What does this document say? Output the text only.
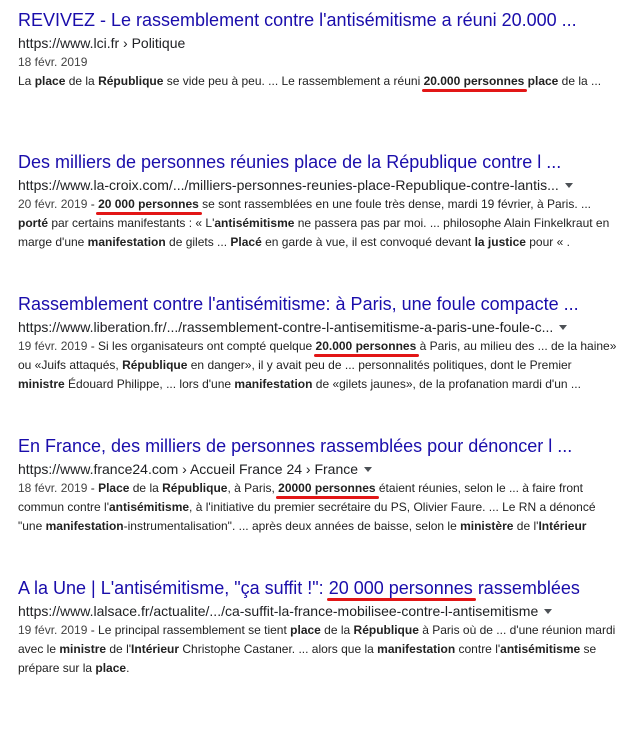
REVIVEZ - Le rassemblement contre l'antisémitisme a réuni 20.000 ...
https://www.lci.fr › Politique
18 févr. 2019
La place de la République se vide peu à peu. ... Le rassemblement a réuni 20.000 personnes place de la ...
Des milliers de personnes réunies place de la République contre l ...
https://www.la-croix.com/.../milliers-personnes-reunies-place-Republique-contre-lantis...
20 févr. 2019 - 20 000 personnes se sont rassemblées en une foule très dense, mardi 19 février, à Paris. ... porté par certains manifestants : « L'antisémitisme ne passera pas par moi. ... philosophe Alain Finkelkraut en marge d'une manifestation de gilets ... Placé en garde à vue, il est convoqué devant la justice pour « .
Rassemblement contre l'antisémitisme: à Paris, une foule compacte ...
https://www.liberation.fr/.../rassemblement-contre-l-antisemitisme-a-paris-une-foule-c...
19 févr. 2019 - Si les organisateurs ont compté quelque 20.000 personnes à Paris, au milieu des ... de la haine» ou «Juifs attaqués, République en danger», il y avait peu de ... personnalités politiques, dont le Premier ministre Édouard Philippe, ... lors d'une manifestation de «gilets jaunes», de la profanation mardi d'un ...
En France, des milliers de personnes rassemblées pour dénoncer l ...
https://www.france24.com › Accueil France 24 › France
18 févr. 2019 - Place de la République, à Paris, 20000 personnes étaient réunies, selon le ... à faire front commun contre l'antisémitisme, à l'initiative du premier secrétaire du PS, Olivier Faure. ... Le RN a dénoncé "une manifestation-instrumentalisation". ... après deux années de baisse, selon le ministère de l'Intérieur
A la Une | L'antisémitisme, "ça suffit !": 20 000 personnes rassemblées
https://www.lalsace.fr/actualite/.../ca-suffit-la-france-mobilisee-contre-l-antisemitisme
19 févr. 2019 - Le principal rassemblement se tient place de la République à Paris où de ... d'une réunion mardi avec le ministre de l'Intérieur Christophe Castaner. ... alors que la manifestation contre l'antisémitisme se prépare sur la place.
